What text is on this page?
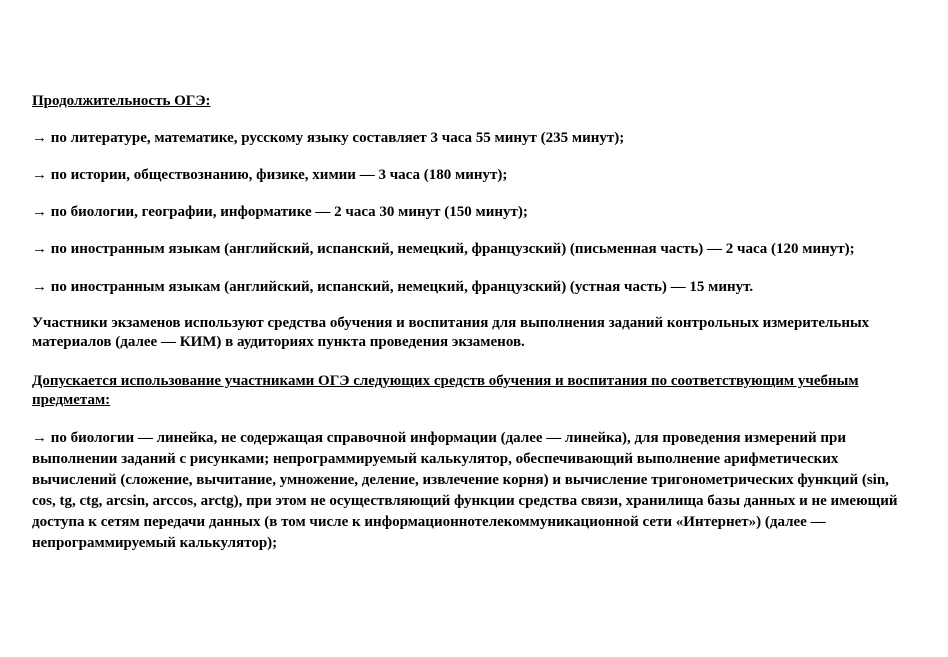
Продолжительность ОГЭ:

→ по литературе, математике, русскому языку составляет 3 часа 55 минут (235 минут);

→ по истории, обществознанию, физике, химии — 3 часа (180 минут);

→ по биологии, географии, информатике — 2 часа 30 минут (150 минут);

→ по иностранным языкам (английский, испанский, немецкий, французский) (письменная часть) — 2 часа (120 минут);

→ по иностранным языкам (английский, испанский, немецкий, французский) (устная часть) — 15 минут.

Участники экзаменов используют средства обучения и воспитания для выполнения заданий контрольных измерительных материалов (далее — КИМ) в аудиториях пункта проведения экзаменов.

Допускается использование участниками ОГЭ следующих средств обучения и воспитания по соответствующим учебным предметам:

→ по биологии — линейка, не содержащая справочной информации (далее — линейка), для проведения измерений при выполнении заданий с рисунками; непрограммируемый калькулятор, обеспечивающий выполнение арифметических вычислений (сложение, вычитание, умножение, деление, извлечение корня) и вычисление тригонометрических функций (sin, cos, tg, ctg, arcsin, arccos, arctg), при этом не осуществляющий функции средства связи, хранилища базы данных и не имеющий доступа к сетям передачи данных (в том числе к информационнотелекоммуникационной сети «Интернет») (далее — непрограммируемый калькулятор);
